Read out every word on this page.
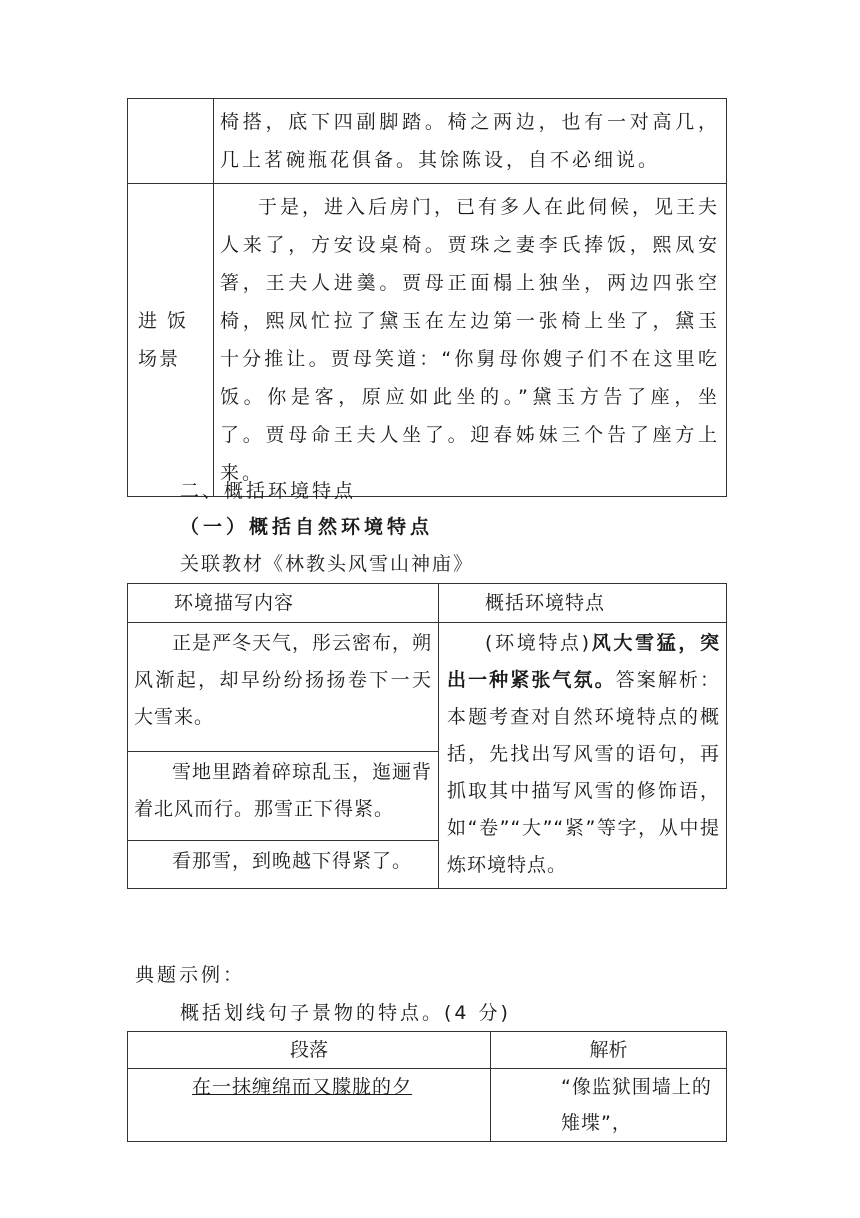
	椅搭，底下四副脚踏。椅之两边，也有一对高几，几上茗碗瓶花俱备。其馀陈设，自不必细说。

进 饭 场景	于是，进入后房门，已有多人在此伺候，见王夫人来了，方安设桌椅。贾珠之妻李氏捧饭，熙凤安箸，王夫人进羹。贾母正面榻上独坐，两边四张空椅，熙凤忙拉了黛玉在左边第一张椅上坐了，黛玉十分推让。贾母笑道：“你舅母你嫂子们不在这里吃饭。你是客，原应如此坐的。”黛玉方告了座，坐了。贾母命王夫人坐了。迎春姊妹三个告了座方上来。
二、概括环境特点
（一）概括自然环境特点
关联教材《林教头风雪山神庙》
环境描写内容	概括环境特点

正是严冬天气，彤云密布，朔风渐起，却早纷纷扬扬卷下一天大雪来。	(环境特点)风大雪猛，突出一种紧张气氛。答案解析：本题考查对自然环境特点的概括，先找出写风雪的语句，再抓取其中描写风雪的修饰语，如“卷”“大”“紧”等字，从中提炼环境特点。

雪地里踏着碎琼乱玉，迤逦背着北风而行。那雪正下得紧。	

看那雪，到晚越下得紧了。	
典题示例：
概括划线句子景物的特点。(4 分)
段落	解析
在一抹缠绵而又朦胧的夕	“像监狱围墙上的雉堞”，
